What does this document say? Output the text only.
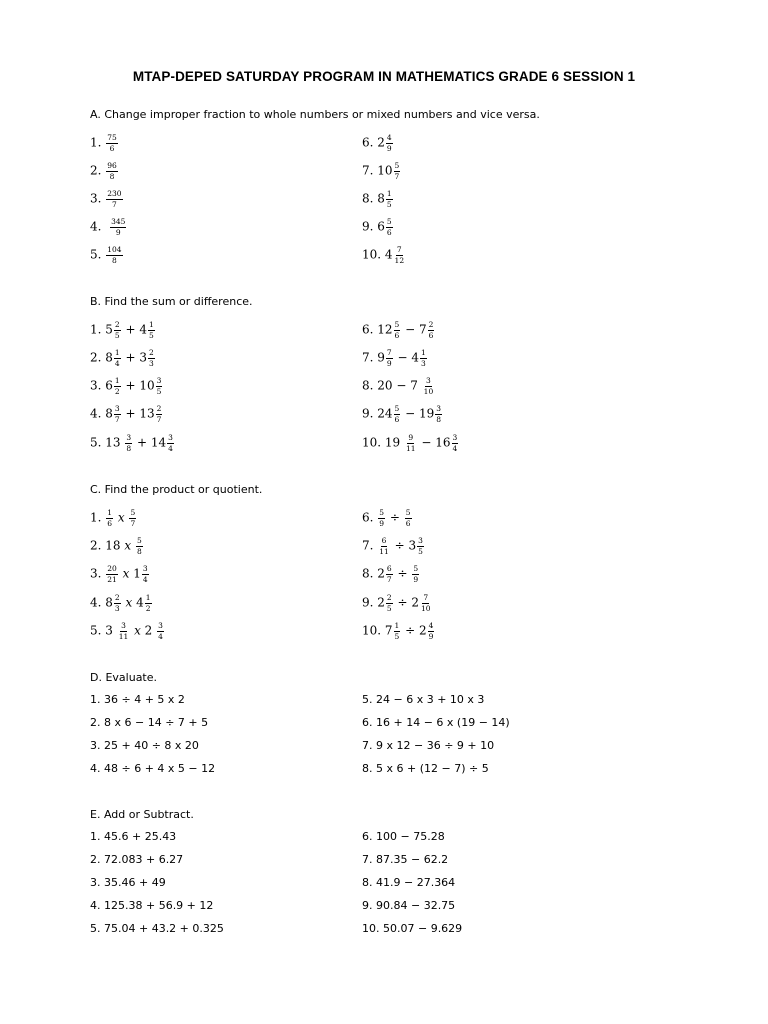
MTAP-DEPED SATURDAY PROGRAM IN MATHEMATICS GRADE 6 SESSION 1
A. Change improper fraction to whole numbers or mixed numbers and vice versa.
B. Find the sum or difference.
C. Find the product or quotient.
D. Evaluate.
E. Add or Subtract.
1. $\frac{75}{6}$
2. $\frac{96}{8}$
3. $\frac{230}{7}$
4. $\frac{345}{9}$
5. $\frac{104}{8}$
6. $2 \frac{4}{9}$
7. $10 \frac{5}{7}$
8. $8 \frac{1}{5}$
9. $6 \frac{5}{6}$
10. $4 \frac{7}{12}$
1. $5 \frac{2}{5} + 4 \frac{1}{5}$
2. $8 \frac{1}{4} + 3 \frac{2}{3}$
3. $6 \frac{1}{2} + 10 \frac{3}{5}$
4. $8 \frac{3}{7} + 13 \frac{2}{7}$
5. $13 \frac{3}{8} + 14 \frac{3}{4}$
6. $12 \frac{5}{6} - 7 \frac{2}{6}$
7. $9 \frac{7}{9} - 4 \frac{1}{3}$
8. $20 - 7 \frac{3}{10}$
9. $24 \frac{5}{6} - 19 \frac{3}{8}$
10. $19 \frac{9}{11} - 16 \frac{3}{4}$
1. $\frac{1}{6}$ x $\frac{5}{7}$
2. 18 x $\frac{5}{8}$
3. $\frac{20}{21}$ x $1 \frac{3}{4}$
4. $8 \frac{2}{3}$ x $4 \frac{1}{2}$
5. $3 \frac{3}{11}$ x $2 \frac{3}{4}$
6. $\frac{5}{9} \div \frac{5}{6}$
7. $\frac{6}{11} \div 3 \frac{3}{5}$
8. $2 \frac{6}{7} \div \frac{5}{9}$
9. $2 \frac{2}{5} \div 2 \frac{7}{10}$
10. $7 \frac{1}{5} \div 2 \frac{4}{9}$
1. 36 ÷ 4 + 5 x 2
2. 8 x 6 − 14 ÷ 7 + 5
3. 25 + 40 ÷ 8 x 20
4. 48 ÷ 6 + 4 x 5 − 12
5. 24 − 6 x 3 + 10 x 3
6. 16 + 14 − 6 x (19 − 14)
7. 9 x 12 − 36 ÷ 9 + 10
8. 5 x 6 + (12 − 7) ÷ 5
1. 45.6 + 25.43
2. 72.083 + 6.27
3. 35.46 + 49
4. 125.38 + 56.9 + 12
5. 75.04 + 43.2 + 0.325
6. 100 − 75.28
7. 87.35 − 62.2
8. 41.9 − 27.364
9. 90.84 − 32.75
10. 50.07 − 9.629
